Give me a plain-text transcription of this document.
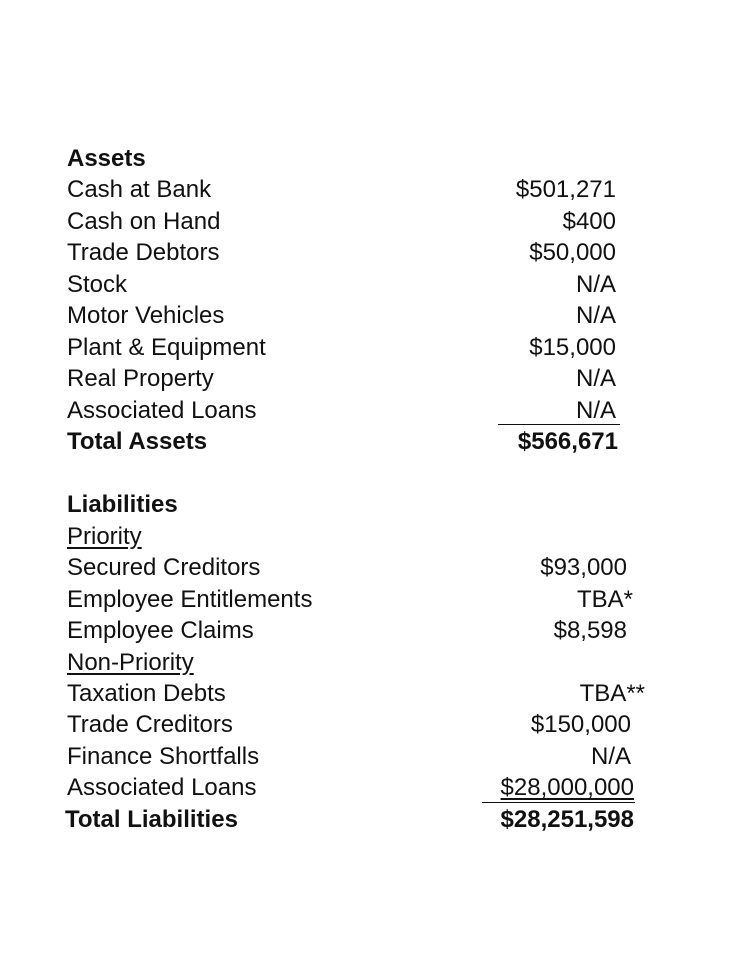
Assets
Cash at Bank	$501,271
Cash on Hand	$400
Trade Debtors	$50,000
Stock	N/A
Motor Vehicles	N/A
Plant & Equipment	$15,000
Real Property	N/A
Associated Loans	N/A
Total Assets	$566,671
Liabilities
Priority
Secured Creditors	$93,000
Employee Entitlements	TBA*
Employee Claims	$8,598
Non-Priority
Taxation Debts	TBA**
Trade Creditors	$150,000
Finance Shortfalls	N/A
Associated Loans	$28,000,000
Total Liabilities	$28,251,598
